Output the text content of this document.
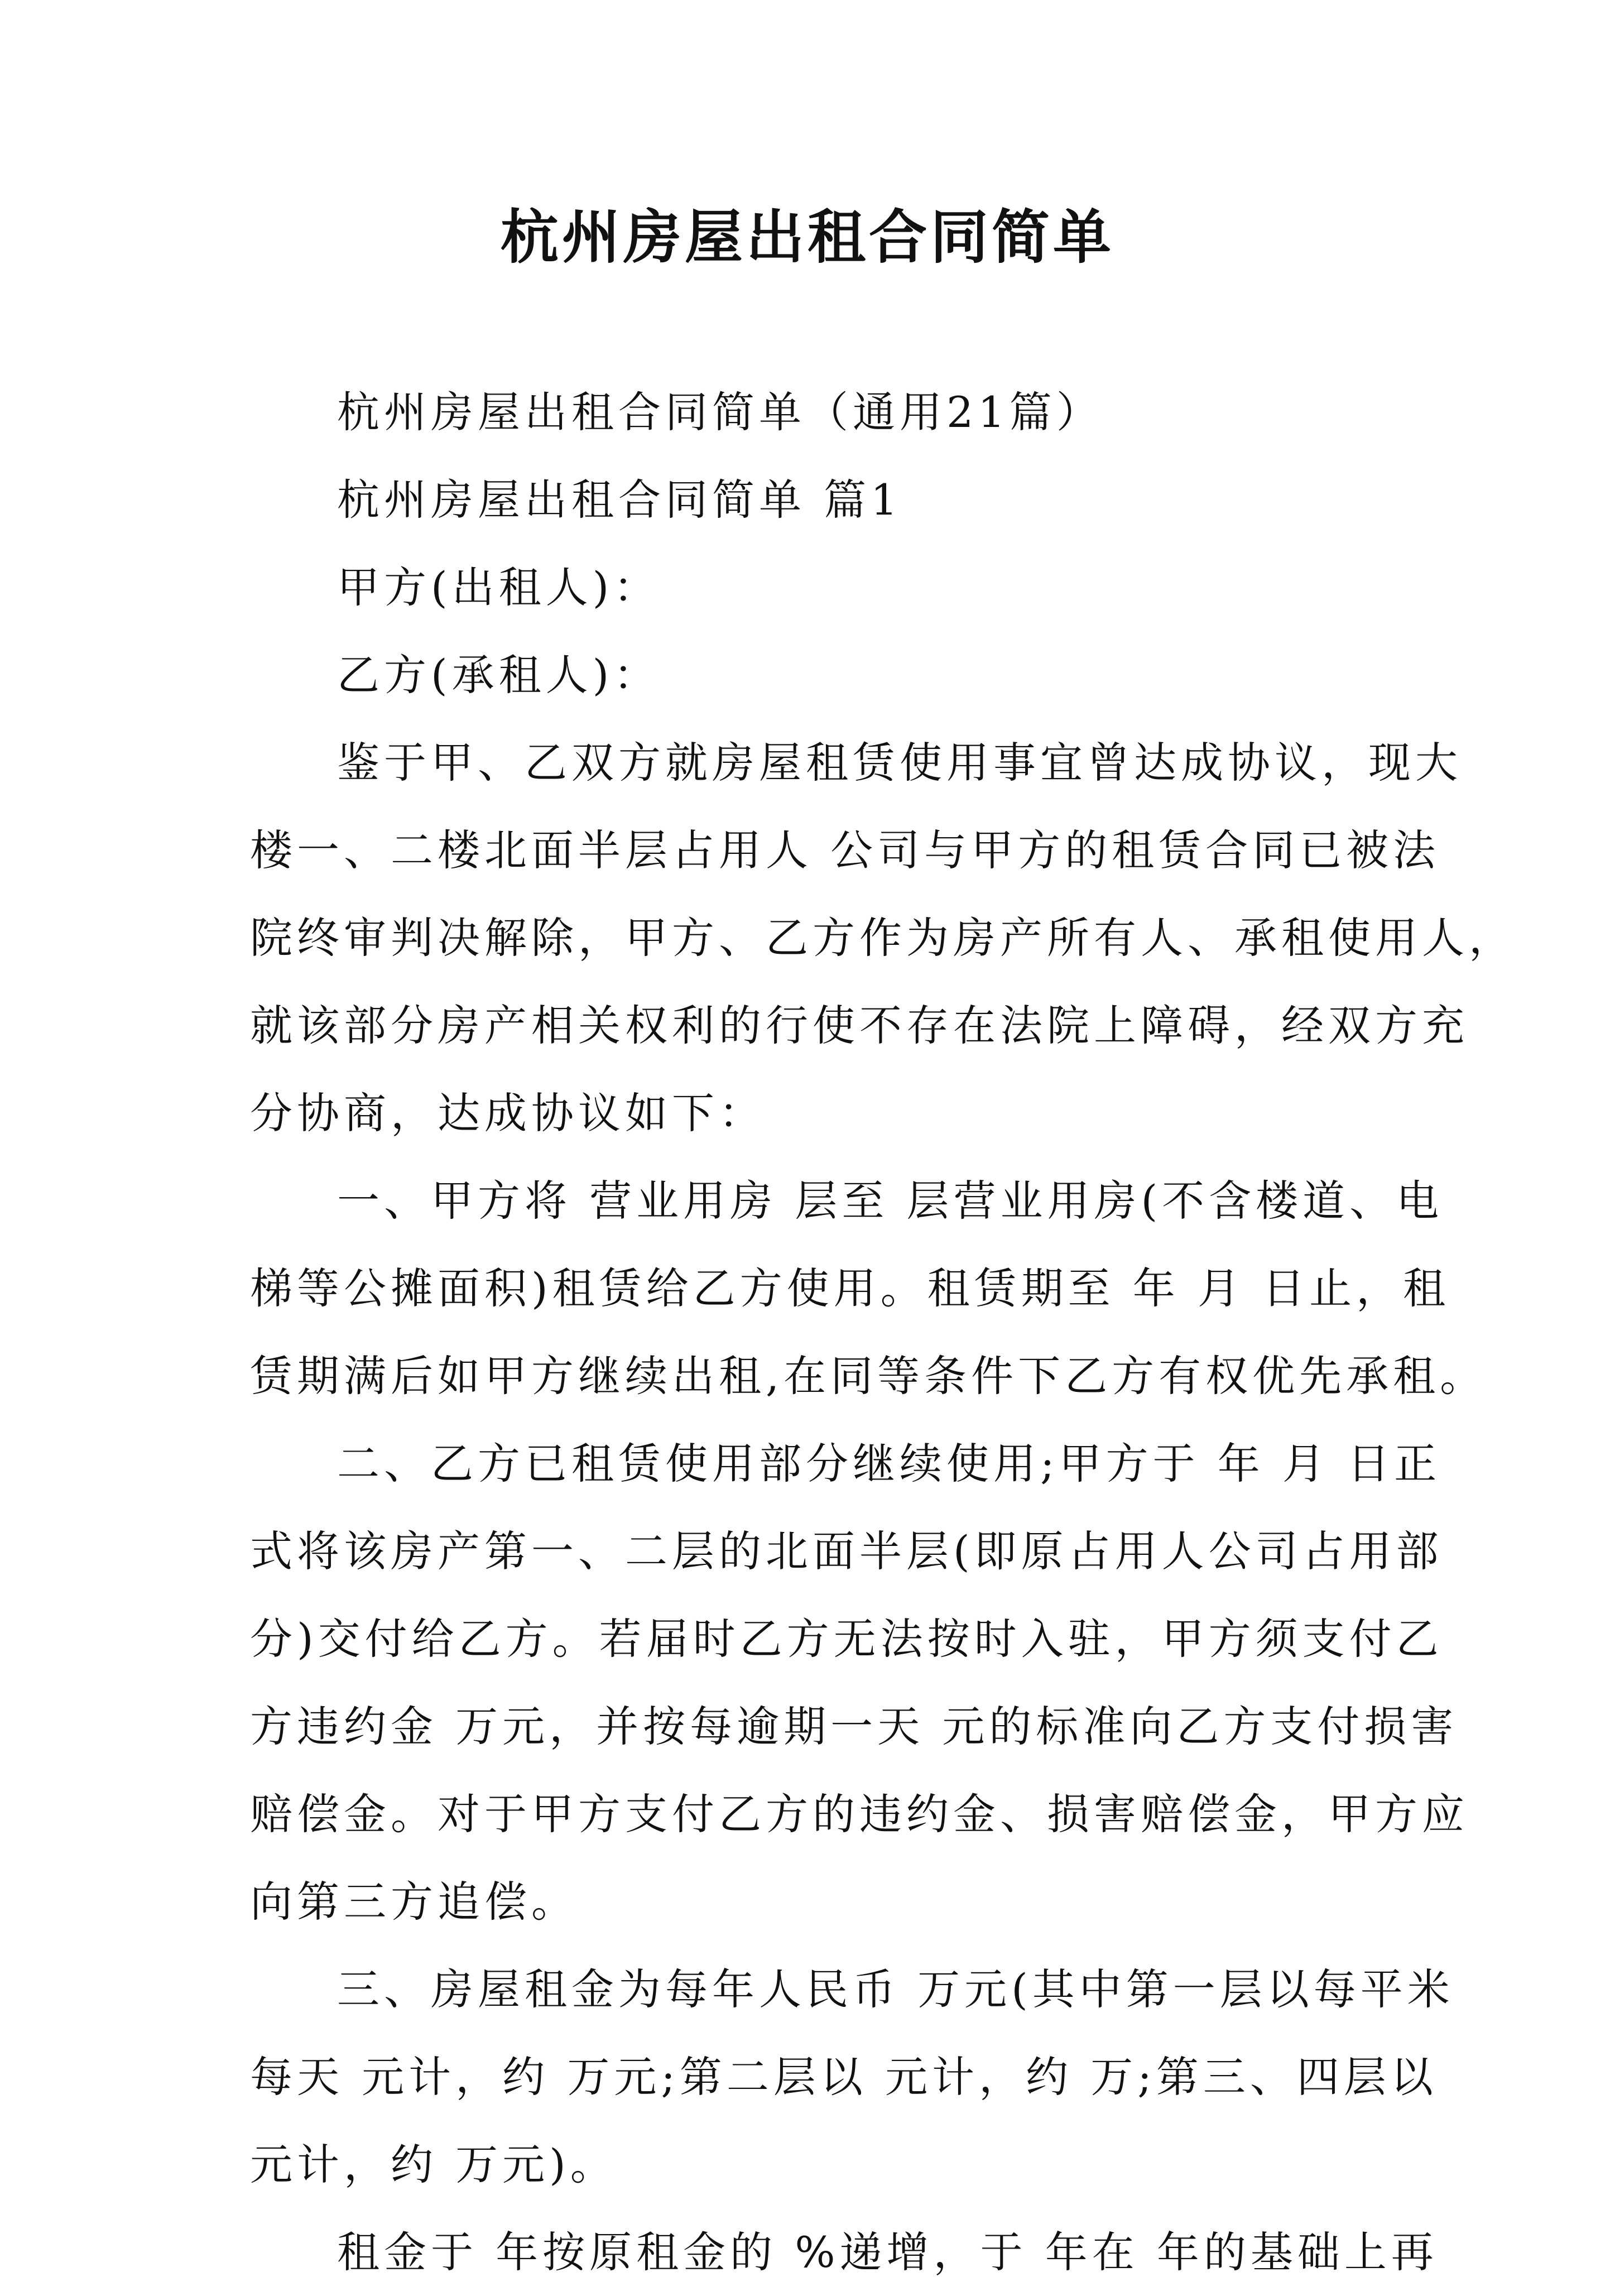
杭州房屋出租合同简单

杭州房屋出租合同简单（通用21篇）

杭州房屋出租合同简单 篇1

甲方(出租人)：

乙方(承租人)：

鉴于甲、乙双方就房屋租赁使用事宜曾达成协议，现大

楼一、二楼北面半层占用人 公司与甲方的租赁合同已被法

院终审判决解除，甲方、乙方作为房产所有人、承租使用人，

就该部分房产相关权利的行使不存在法院上障碍，经双方充

分协商，达成协议如下：

一、甲方将 营业用房 层至 层营业用房(不含楼道、电

梯等公摊面积)租赁给乙方使用。租赁期至 年 月 日止，租

赁期满后如甲方继续出租,在同等条件下乙方有权优先承租。

二、乙方已租赁使用部分继续使用;甲方于 年 月 日正

式将该房产第一、二层的北面半层(即原占用人公司占用部

分)交付给乙方。若届时乙方无法按时入驻，甲方须支付乙

方违约金 万元，并按每逾期一天 元的标准向乙方支付损害

赔偿金。对于甲方支付乙方的违约金、损害赔偿金，甲方应

向第三方追偿。

三、房屋租金为每年人民币 万元(其中第一层以每平米

每天 元计，约 万元;第二层以 元计，约 万;第三、四层以

元计，约 万元)。

租金于 年按原租金的 %递增，于 年在 年的基础上再
